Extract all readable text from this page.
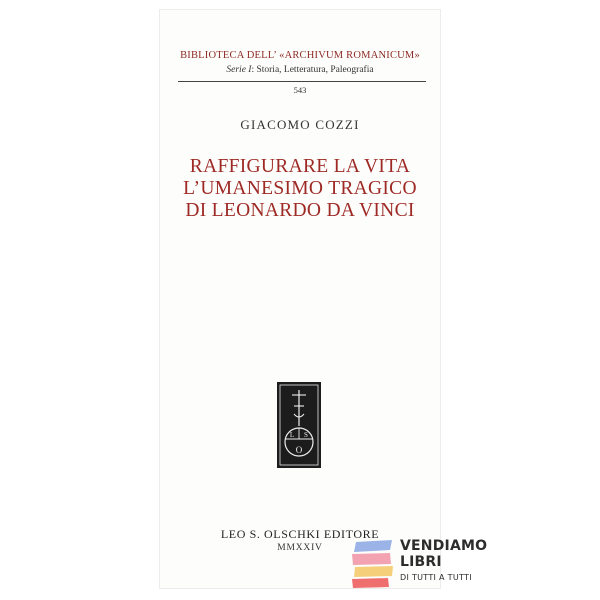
BIBLIOTECA DELL’ «ARCHIVUM ROMANICUM»
Serie I: Storia, Letteratura, Paleografia
543
GIACOMO COZZI
RAFFIGURARE LA VITA
L’UMANESIMO TRAGICO
DI LEONARDO DA VINCI
L S
O
LEO S. OLSCHKI EDITORE
MMXXIV	VENDIAMO
LIBRI
DI TUTTI A TUTTI
